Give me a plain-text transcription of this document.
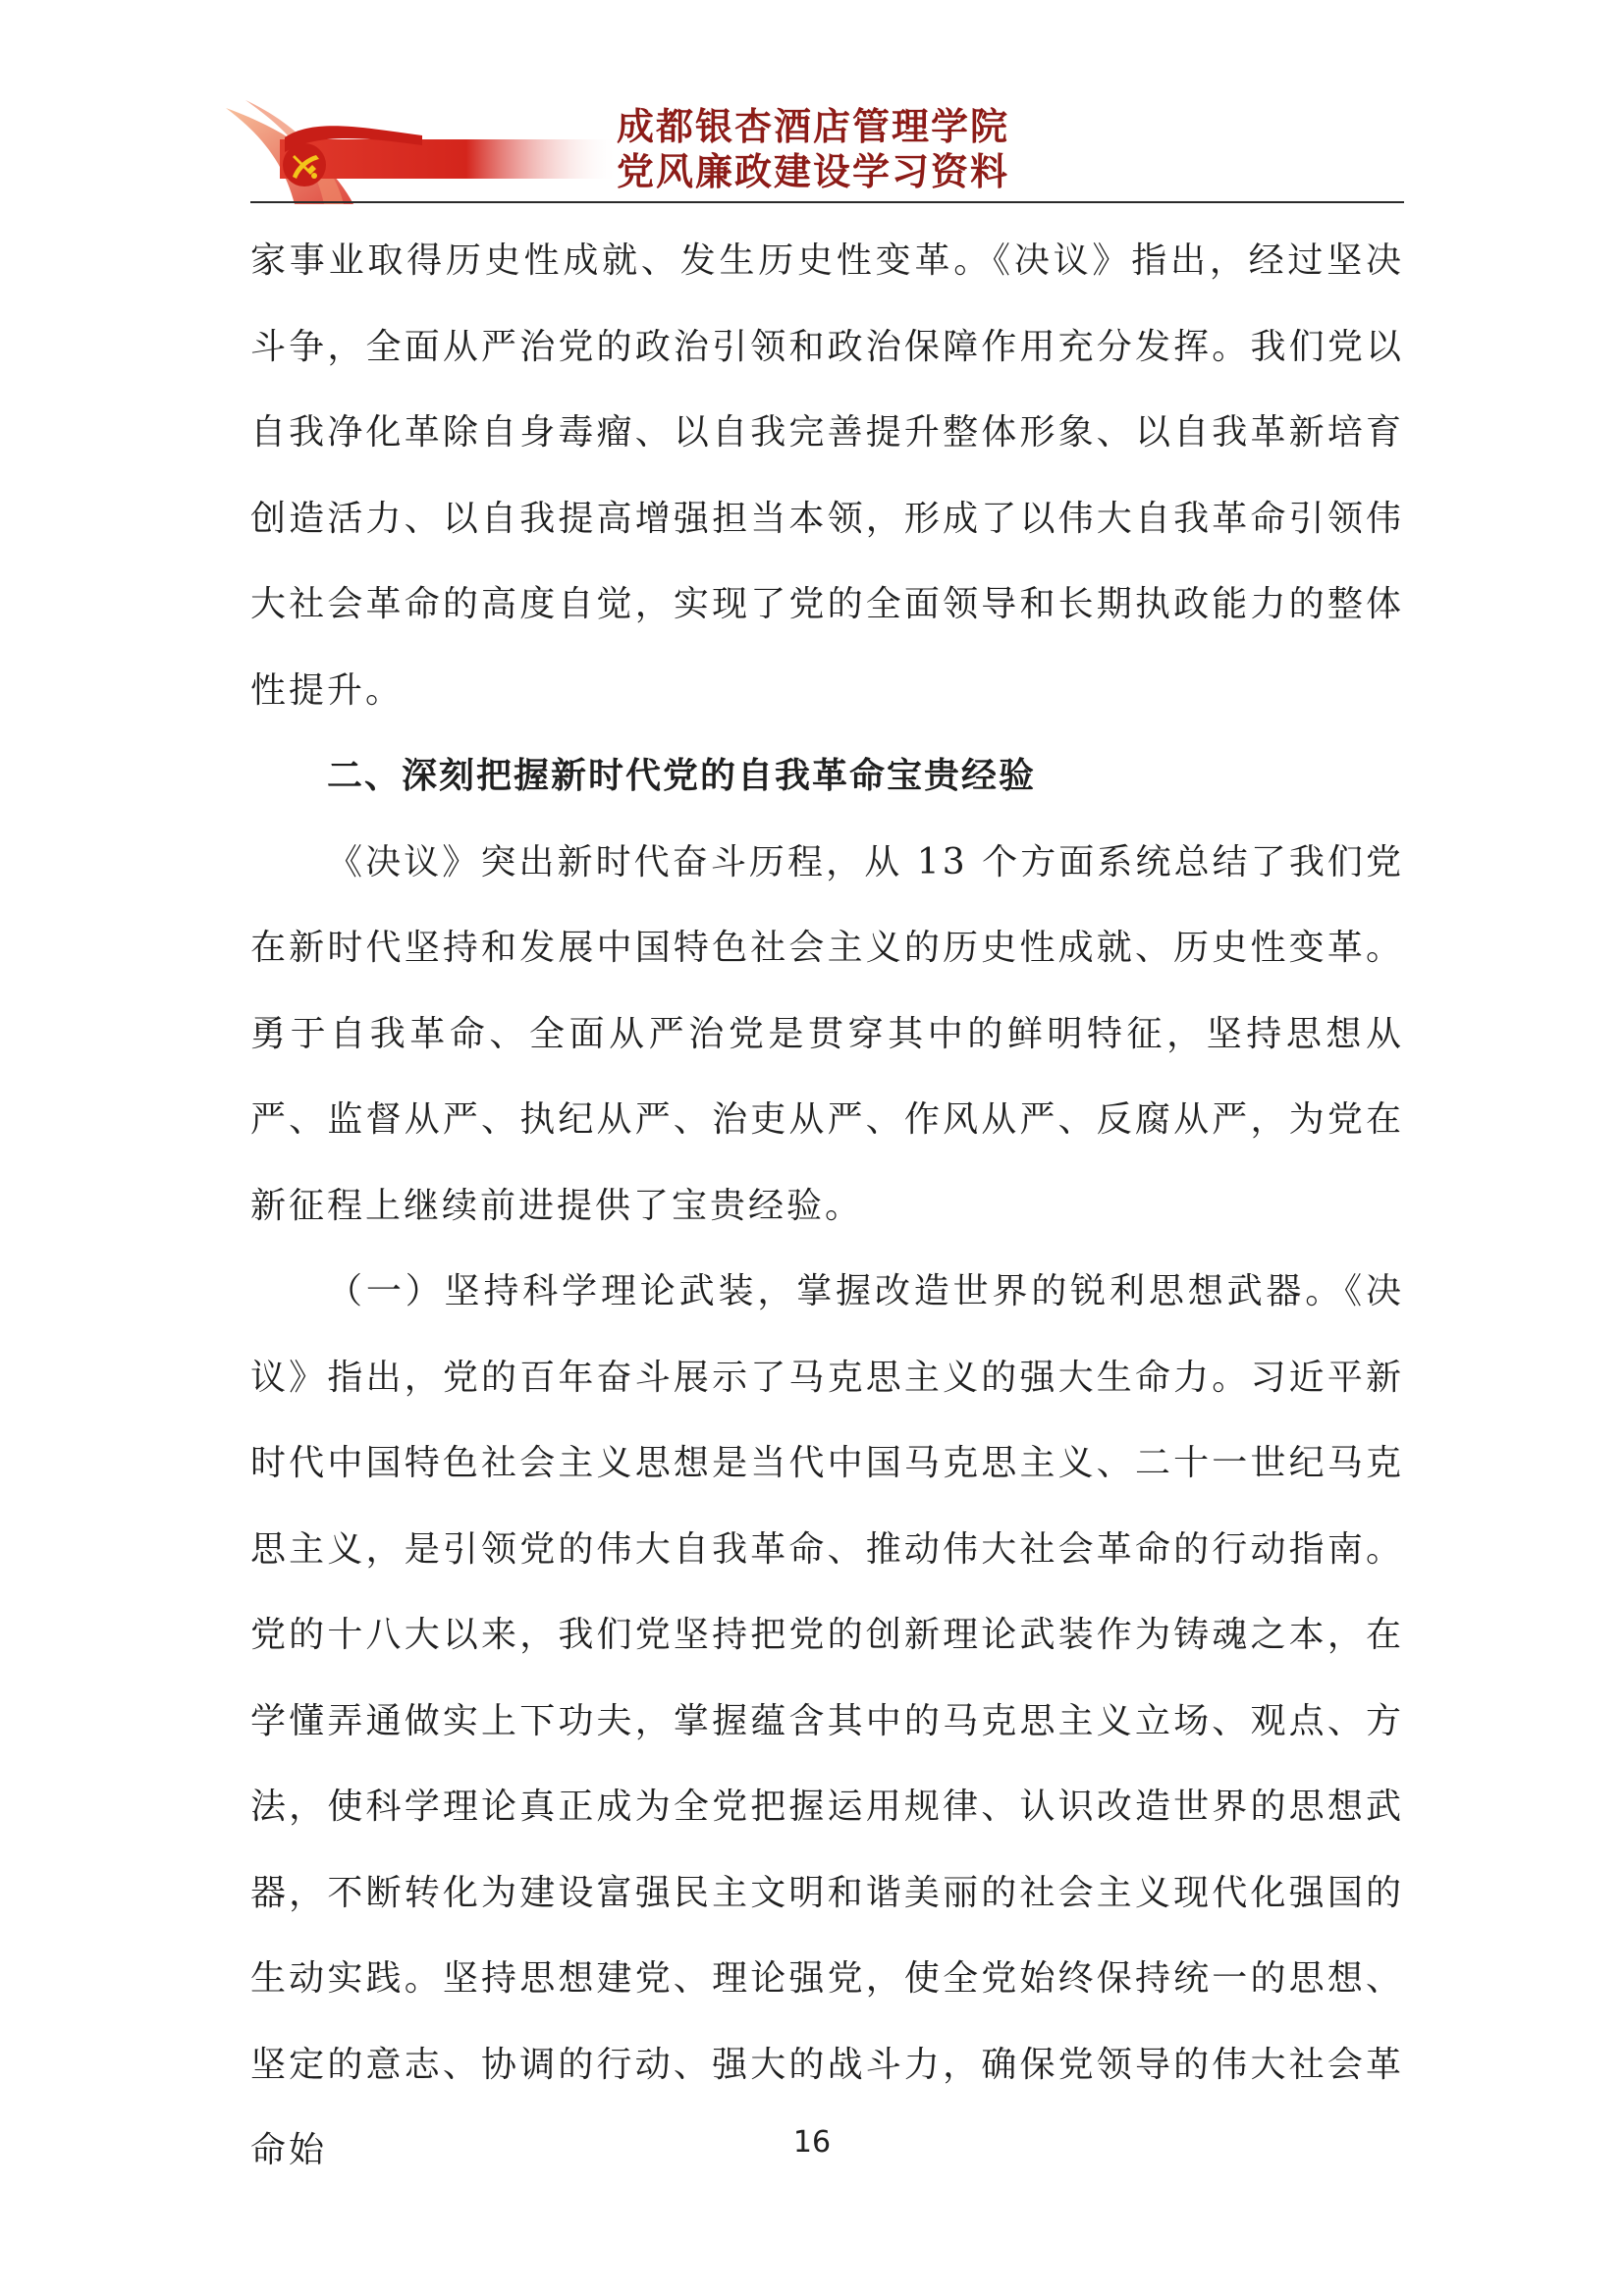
成都银杏酒店管理学院
党风廉政建设学习资料

家事业取得历史性成就、发生历史性变革。《决议》指出，经过坚决斗争，全面从严治党的政治引领和政治保障作用充分发挥。我们党以自我净化革除自身毒瘤、以自我完善提升整体形象、以自我革新培育创造活力、以自我提高增强担当本领，形成了以伟大自我革命引领伟大社会革命的高度自觉，实现了党的全面领导和长期执政能力的整体性提升。

二、深刻把握新时代党的自我革命宝贵经验

《决议》突出新时代奋斗历程，从 13 个方面系统总结了我们党在新时代坚持和发展中国特色社会主义的历史性成就、历史性变革。勇于自我革命、全面从严治党是贯穿其中的鲜明特征，坚持思想从严、监督从严、执纪从严、治吏从严、作风从严、反腐从严，为党在新征程上继续前进提供了宝贵经验。

（一）坚持科学理论武装，掌握改造世界的锐利思想武器。《决议》指出，党的百年奋斗展示了马克思主义的强大生命力。习近平新时代中国特色社会主义思想是当代中国马克思主义、二十一世纪马克思主义，是引领党的伟大自我革命、推动伟大社会革命的行动指南。党的十八大以来，我们党坚持把党的创新理论武装作为铸魂之本，在学懂弄通做实上下功夫，掌握蕴含其中的马克思主义立场、观点、方法，使科学理论真正成为全党把握运用规律、认识改造世界的思想武器，不断转化为建设富强民主文明和谐美丽的社会主义现代化强国的生动实践。坚持思想建党、理论强党，使全党始终保持统一的思想、坚定的意志、协调的行动、强大的战斗力，确保党领导的伟大社会革命始	16
